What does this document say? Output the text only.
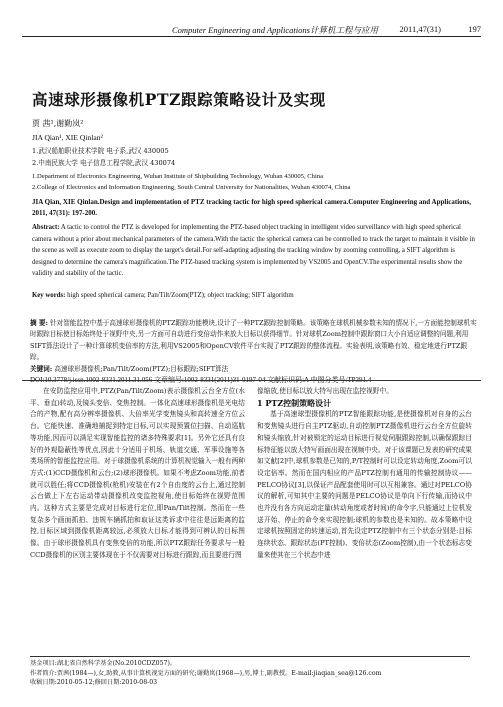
Computer Engineering and Applications计算机工程与应用	2011,47(31)	197
高速球形摄像机PTZ跟踪策略设计及实现
贾 茜¹,谢勤岚²
JIA Qian¹, XIE Qinlan²
1.武汉船舶职业技术学院 电子系,武汉 430005
2.中南民族大学 电子信息工程学院,武汉 430074
1.Department of Electronics Engineering, Wuhan Institute of Shipbuilding Technology, Wuhan 430005, China
2.College of Electronics and Information Engineering, South Central University for Nationalities, Wuhan 430074, China
JIA Qian, XIE Qinlan.Design and implementation of PTZ tracking tactic for high speed spherical camera.Computer Engineering and Applications, 2011, 47(31): 197-200.
Abstract: A tactic to control the PTZ is developed for implementing the PTZ-based object tracking in intelligent video surveillance with high speed spherical camera without a prior about mechanical parameters of the camera.With the tactic the spherical camera can be controlled to track the target to maintain it visible in the scene as well as execute zoom to display the target's detail.For self-adapting adjusting the tracking window by zooming controlling, a SIFT algorithm is designed to determine the camera's magnification.The PTZ-based tracking system is implemented by VS2005 and OpenCV.The experimental results show the validity and stability of the tactic.
Key words: high speed spherical camera; Pan/Tilt/Zoom(PTZ); object tracking; SIFT algorithm
摘 要: 针对智能监控中基于高速球形摄像机的PTZ跟踪功能模块,设计了一种PTZ跟踪控制策略。该策略在球机机械参数未知的情况下,一方面能控制球机实时跟踪目标使目标始终处于视野中央,另一方面可自动进行变倍动作来放大目标以获得细节。针对球机Zoom控制中跟踪窗口大小自适应调整的问题,利用SIFT算法设计了一种计算球机变倍率的方法,利用VS2005和OpenCV软件平台实现了PTZ跟踪的整体流程。实验表明,该策略有效、稳定地进行PTZ跟踪。
关键词: 高速球形摄像机;Pan/Tilt/Zoom(PTZ);目标跟踪;SIFT算法
DOI:10.3778/j.issn.1002-8331.2011.31.056 文章编号:1002-8331(2011)31-0197-04 文献标识码:A 中图分类号:TP391.4

在安防监控应用中,PTZ(Pan/Tilt/Zoom)表示摄像机云台全方位(水平、垂直)转动,及镜头变倍、变焦控制。一体化高速球形摄像机是光电结合的产物,配有高分辨率摄像机、大倍率光学变焦镜头和高转速全方位云台。它能快速、准确地捕捉到特定目标,可以实现预置位扫描、自动巡航等功能,因而可以满足实现智能监控的诸多特殊要求[1]。另外它还具有良好的外观隐蔽性等优点,因此十分适用于机场、轨道交通、军事设施等各类场所的智能监控应用。对于球摄像机系统的计算机视觉输入一般有两种方式:(1)CCD摄像机和云台;(2)球形摄像机。如果不考虑Zoom功能,前者就可以胜任;将CCD摄像机(枪机)安装在有2个自由度的云台上,通过控制云台做上下左右运动带动摄像机改变监控视角,使目标始终在视野范围内。这种方式主要是完成对目标进行定位,即Pan/Tilt控制。然而在一些复杂多个画面抓拍、违规车辆抓拍和取证这类诉求中往往是远距离的监控,目标区域到摄像机距离较远,必须放大目标才能得到可辨认的目标图像。由于球形摄像机具有变焦变倍的功能,所以PTZ跟踪任务要求与一般CCD摄像机的区别主要体现在于不仅需要对目标进行跟踪,而且要进行图

像缩放,使目标以放大特写出现在监控视野中。

1 PTZ控制策略设计

基于高速球型摄像机的PTZ智能跟踪功能,是使摄像机对自身的云台和变焦镜头进行自主PTZ驱动,自动控制PTZ摄像机进行云台全方位旋转和镜头缩放,针对被锁定的运动目标进行视觉伺服跟踪控制,以确保跟踪目标特征能以放大特写画面出现在视频中央。对于该课题已发表的研究成果如文献[2]中,球机参数是已知的,P/T控制时可以设定转动角度,Zoom可以设定倍率。然而在国内相应的产品PTZ控制有通用的传输控制协议——PELCO协议[3],以保证产品配套使用时可以互相兼容。通过对PELCO协议的解析,可知其中主要的问题是PELCO协议是单向下行传输,而协议中也并没有各方向运动定量(转动角度或者时间)的命令字,只能通过上位机发送开始、停止的命令来实现控制;球机的参数也是未知的。故本策略中设定球机按照固定的转速运动,首先设定PTZ控制中有三个状态分别是:目标连续状态、跟踪状态(PT控制)、变倍状态(Zoom控制),由一个状态标志变量来使其在三个状态中进

基金项目:湖北省自然科学基金(No.2010CDZ057)。
作者简介:贾茜(1984—),女,助教,从事计算机视觉方面的研究;谢勤岚(1968—),男,博士,副教授。E-mail:jiaqian_sea@126.com
收稿日期:2010-05-12;修回日期:2010-08-03
